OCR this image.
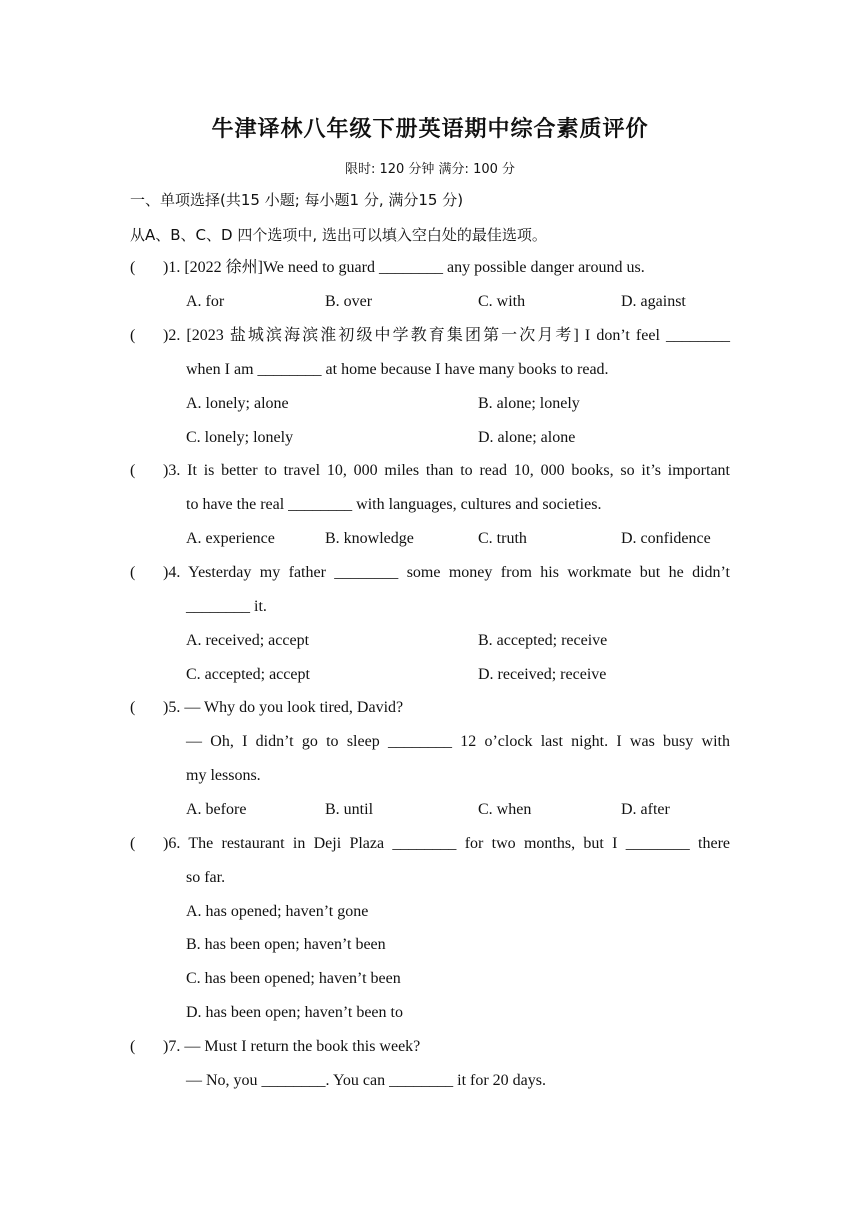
牛津译林八年级下册英语期中综合素质评价
限时: 120 分钟 满分: 100 分
一、单项选择(共15 小题; 每小题1 分, 满分15 分)
从A、B、C、D 四个选项中, 选出可以填入空白处的最佳选项。
( )1. [2022 徐州]We need to guard ________ any possible danger around us.
A. for	B. over	C. with	D. against
( )2. [2023 盐城滨海滨淮初级中学教育集团第一次月考] I don’t feel ________
when I am ________ at home because I have many books to read.
A. lonely; alone	B. alone; lonely
C. lonely; lonely	D. alone; alone
( )3. It is better to travel 10, 000 miles than to read 10, 000 books, so it’s important
to have the real ________ with languages, cultures and societies.
A. experience	B. knowledge	C. truth	D. confidence
( )4. Yesterday my father ________ some money from his workmate but he didn’t
________ it.
A. received; accept	B. accepted; receive
C. accepted; accept	D. received; receive
( )5. — Why do you look tired, David?
— Oh, I didn’t go to sleep ________ 12 o’clock last night. I was busy with
my lessons.
A. before	B. until	C. when	D. after
( )6. The restaurant in Deji Plaza ________ for two months, but I ________ there
so far.
A. has opened; haven’t gone
B. has been open; haven’t been
C. has been opened; haven’t been
D. has been open; haven’t been to
( )7. — Must I return the book this week?
— No, you ________. You can ________ it for 20 days.
